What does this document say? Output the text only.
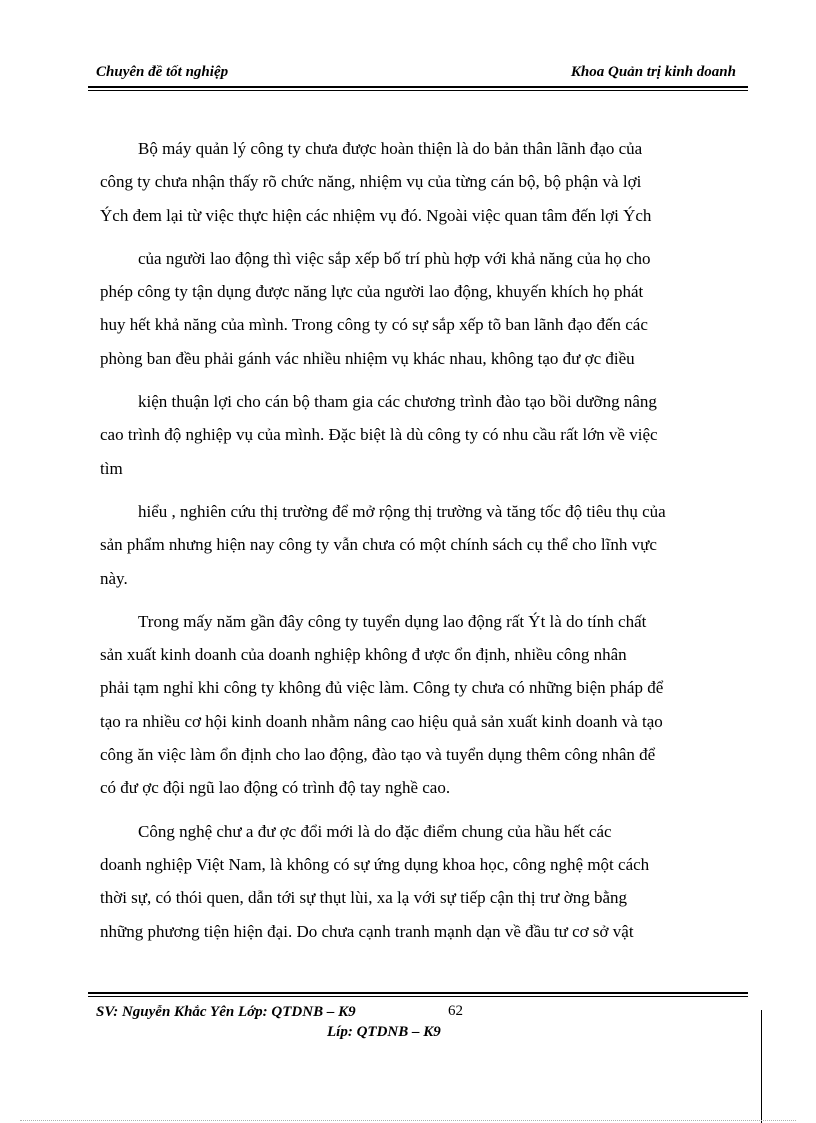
Chuyên đề tốt nghiệp	Khoa Quản trị kinh doanh

Bộ máy quản lý công ty chưa được hoàn thiện là do bản thân lãnh đạo của

công ty chưa nhận thấy rõ chức năng, nhiệm vụ của từng cán bộ, bộ phận và lợi

Ých đem lại từ việc thực hiện các nhiệm vụ đó. Ngoài việc quan tâm đến lợi Ých

của người lao động thì việc sắp xếp bố trí phù hợp với khả năng của họ cho

phép công ty tận dụng được năng lực của người lao động, khuyến khích họ phát

huy hết khả năng của mình. Trong công ty có sự sắp xếp tõ ban lãnh đạo đến các

phòng ban đều phải gánh vác nhiều nhiệm vụ khác nhau, không tạo đư ợc điều

kiện thuận lợi cho cán bộ tham gia các chương trình đào tạo bồi dưỡng nâng

cao trình độ nghiệp vụ của mình. Đặc biệt là dù công ty có nhu cầu rất lớn về việc

tìm

hiểu , nghiên cứu thị trường để mở rộng thị trường và tăng tốc độ tiêu thụ của

sản phẩm nhưng hiện nay công ty vẫn chưa có một chính sách cụ thể cho lĩnh vực

này.

Trong mấy năm gần đây công ty tuyển dụng lao động rất Ýt là do tính chất

sản xuất kinh doanh của doanh nghiệp không đ ược ổn định, nhiều công nhân

phải tạm nghỉ khi công ty không đủ việc làm. Công ty chưa có những biện pháp để

tạo ra nhiều cơ hội kinh doanh nhằm nâng cao hiệu quả sản xuất kinh doanh và tạo

công ăn việc làm ổn định cho lao động, đào tạo và tuyển dụng thêm công nhân để

có đư ợc đội ngũ lao động có trình độ tay nghề cao.

Công nghệ chư a đư ợc đổi mới là do đặc điểm chung của hầu hết các

doanh nghiệp Việt Nam, là không có sự ứng dụng khoa học, công nghệ một cách

thời sự, có thói quen, dẫn tới sự thụt lùi, xa lạ với sự tiếp cận thị trư ờng bằng

những phương tiện hiện đại. Do chưa cạnh tranh mạnh dạn về đầu tư cơ sở vật

SV: Nguyễn Khắc Yên Lớp: QTDNB – K9	62
Líp: QTDNB – K9
